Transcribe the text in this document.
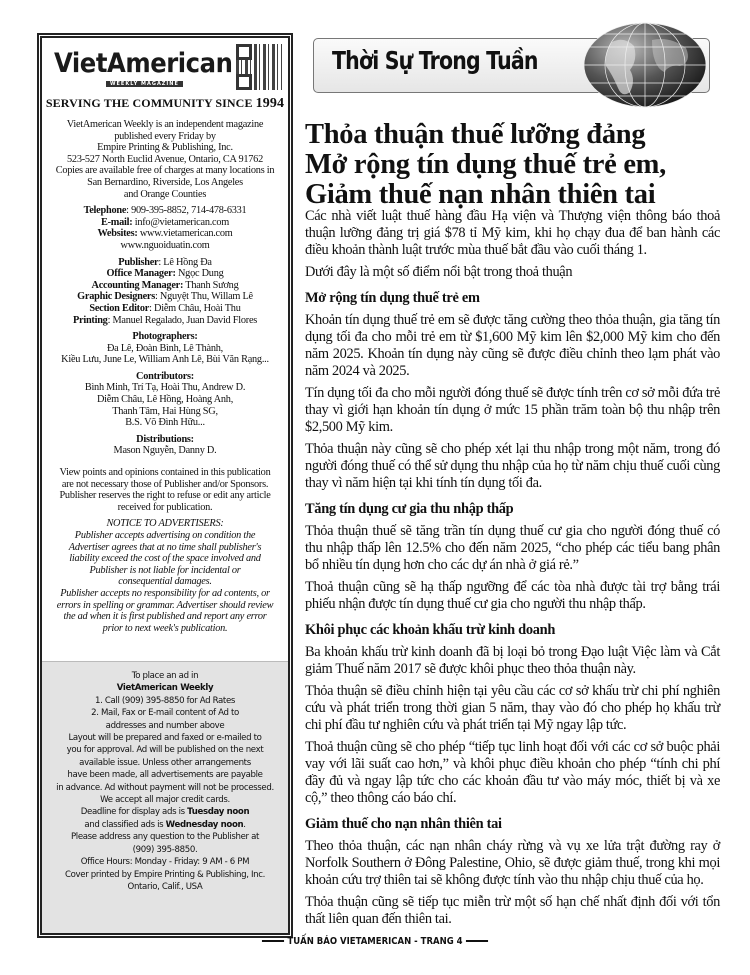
VietAmerican
WEEKLY MAGAZINE
SERVING THE COMMUNITY SINCE 1994
VietAmerican Weekly is an independent magazine
published every Friday by
Empire Printing & Publishing, Inc.
523-527 North Euclid Avenue, Ontario, CA 91762
Copies are available free of charges at many locations in
San Bernardino, Riverside, Los Angeles
and Orange Counties
Telephone: 909-395-8852, 714-478-6331
E-mail: info@vietamerican.com
Websites: www.vietamerican.com
www.nguoiduatin.com
Publisher: Lê Hồng Đa
Office Manager: Ngọc Dung
Accounting Manager: Thanh Sương
Graphic Designers: Nguyệt Thu, Willam Lê
Section Editor: Diễm Châu, Hoài Thu
Printing: Manuel Regalado, Juan David Flores
Photographers:
Đa Lê, Đoàn Bình, Lê Thành,
Kiều Lưu, June Le, William Anh Lê, Bùi Văn Rạng...
Contributors:
Bình Minh, Trí Tạ, Hoài Thu, Andrew D.
Diễm Châu, Lê Hồng, Hoàng Anh,
Thanh Tâm, Hai Hùng SG,
B.S. Võ Đình Hữu...
Distributions:
Mason Nguyễn, Danny D.
View points and opinions contained in this publication
are not necessary those of Publisher and/or Sponsors.
Publisher reserves the right to refuse or edit any article
received for publication.
NOTICE TO ADVERTISERS:
Publisher accepts advertising on condition the
Advertiser agrees that at no time shall publisher's
liability exceed the cost of the space involved and
Publisher is not liable for incidental or
consequential damages.
Publisher accepts no responsibility for ad contents, or
errors in spelling or grammar. Advertiser should review
the ad when it is first published and report any error
prior to next week's publication.
To place an ad in
VietAmerican Weekly
1. Call (909) 395-8850 for Ad Rates
2. Mail, Fax or E-mail content of Ad to
addresses and number above
Layout will be prepared and faxed or e-mailed to
you for approval. Ad will be published on the next
available issue. Unless other arrangements
have been made, all advertisements are payable
in advance. Ad without payment will not be processed.
We accept all major credit cards.
Deadline for display ads is Tuesday noon
and classified ads is Wednesday noon.
Please address any question to the Publisher at
(909) 395-8850.
Office Hours: Monday - Friday: 9 AM - 6 PM
Cover printed by Empire Printing & Publishing, Inc.
Ontario, Calif., USA
Thời Sự Trong Tuần
Thỏa thuận thuế lưỡng đảng
Mở rộng tín dụng thuế trẻ em,
Giảm thuế nạn nhân thiên tai

Các nhà viết luật thuế hàng đầu Hạ viện và Thượng viện thông báo thoả thuận lưỡng đảng trị giá $78 tỉ Mỹ kim, khi họ chạy đua để ban hành các điều khoản thành luật trước mùa thuế bắt đầu vào cuối tháng 1.

Dưới đây là một số điểm nổi bật trong thoả thuận

Mở rộng tín dụng thuế trẻ em

Khoản tín dụng thuế trẻ em sẽ được tăng cường theo thỏa thuận, gia tăng tín dụng tối đa cho mỗi trẻ em từ $1,600 Mỹ kim lên $2,000 Mỹ kim cho đến năm 2025. Khoản tín dụng này cũng sẽ được điều chỉnh theo lạm phát vào năm 2024 và 2025.

Tín dụng tối đa cho mỗi người đóng thuế sẽ được tính trên cơ sở mỗi đứa trẻ thay vì giới hạn khoản tín dụng ở mức 15 phần trăm toàn bộ thu nhập trên $2,500 Mỹ kim.

Thỏa thuận này cũng sẽ cho phép xét lại thu nhập trong một năm, trong đó người đóng thuế có thể sử dụng thu nhập của họ từ năm chịu thuế cuối cùng thay vì năm hiện tại khi tính tín dụng tối đa.

Tăng tín dụng cư gia thu nhập thấp

Thỏa thuận thuế sẽ tăng trần tín dụng thuế cư gia cho người đóng thuế có thu nhập thấp lên 12.5% cho đến năm 2025, “cho phép các tiểu bang phân bổ nhiều tín dụng hơn cho các dự án nhà ở giá rẻ.”

Thoả thuận cũng sẽ hạ thấp ngưỡng để các tòa nhà được tài trợ bằng trái phiếu nhận được tín dụng thuế cư gia cho người thu nhập thấp.

Khôi phục các khoản khấu trừ kinh doanh

Ba khoản khấu trừ kinh doanh đã bị loại bỏ trong Đạo luật Việc làm và Cắt giảm Thuế năm 2017 sẽ được khôi phục theo thỏa thuận này.

Thỏa thuận sẽ điều chỉnh hiện tại yêu cầu các cơ sở khấu trừ chi phí nghiên cứu và phát triển trong thời gian 5 năm, thay vào đó cho phép họ khấu trừ chi phí đầu tư nghiên cứu và phát triển tại Mỹ ngay lập tức.

Thoả thuận cũng sẽ cho phép “tiếp tục linh hoạt đối với các cơ sở buộc phải vay với lãi suất cao hơn,” và khôi phục điều khoản cho phép “tính chi phí đầy đủ và ngay lập tức cho các khoản đầu tư vào máy móc, thiết bị và xe cộ,” theo thông cáo báo chí.

Giảm thuế cho nạn nhân thiên tai

Theo thỏa thuận, các nạn nhân cháy rừng và vụ xe lửa trật đường ray ở Norfolk Southern ở Đông Palestine, Ohio, sẽ được giảm thuế, trong khi mọi khoản cứu trợ thiên tai sẽ không được tính vào thu nhập chịu thuế của họ.

Thỏa thuận cũng sẽ tiếp tục miễn trừ một số hạn chế nhất định đối với tổn thất liên quan đến thiên tai.

TUẤN BÁO VIETAMERICAN - TRANG 4
